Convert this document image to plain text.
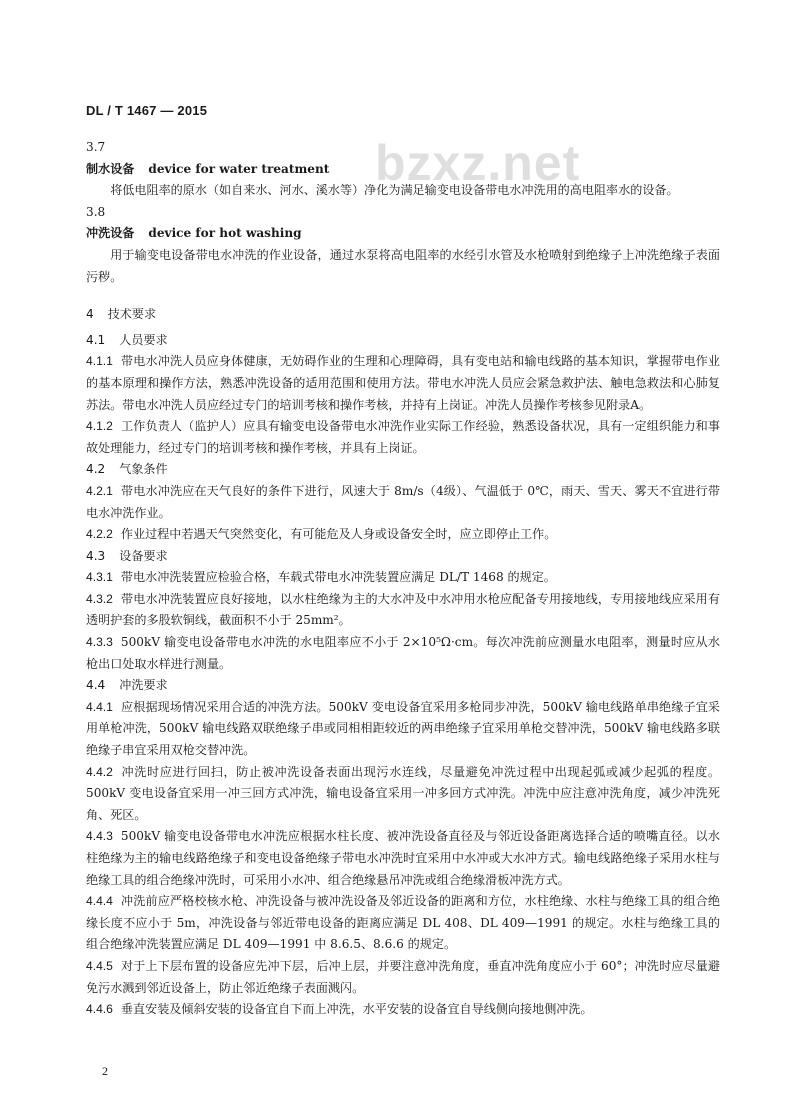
DL / T 1467 — 2015
bzxz.net

3.7

制水设备 device for water treatment

将低电阻率的原水（如自来水、河水、溪水等）净化为满足输变电设备带电水冲洗用的高电阻率水的设备。

3.8

冲洗设备 device for hot washing

用于输变电设备带电水冲洗的作业设备，通过水泵将高电阻率的水经引水管及水枪喷射到绝缘子上冲洗绝缘子表面污秽。

4 技术要求

4.1 人员要求

4.1.1 带电水冲洗人员应身体健康，无妨碍作业的生理和心理障碍，具有变电站和输电线路的基本知识，掌握带电作业的基本原理和操作方法，熟悉冲洗设备的适用范围和使用方法。带电水冲洗人员应会紧急救护法、触电急救法和心肺复苏法。带电水冲洗人员应经过专门的培训考核和操作考核，并持有上岗证。冲洗人员操作考核参见附录A。

4.1.2 工作负责人（监护人）应具有输变电设备带电水冲洗作业实际工作经验，熟悉设备状况，具有一定组织能力和事故处理能力，经过专门的培训考核和操作考核，并具有上岗证。

4.2 气象条件

4.2.1 带电水冲洗应在天气良好的条件下进行，风速大于 8m/s（4级）、气温低于 0℃，雨天、雪天、雾天不宜进行带电水冲洗作业。

4.2.2 作业过程中若遇天气突然变化，有可能危及人身或设备安全时，应立即停止工作。

4.3 设备要求

4.3.1 带电水冲洗装置应检验合格，车载式带电水冲洗装置应满足 DL/T 1468 的规定。

4.3.2 带电水冲洗装置应良好接地，以水柱绝缘为主的大水冲及中水冲用水枪应配备专用接地线，专用接地线应采用有透明护套的多股软铜线，截面积不小于 25mm²。

4.3.3 500kV 输变电设备带电水冲洗的水电阻率应不小于 2×10⁵Ω·cm。每次冲洗前应测量水电阻率，测量时应从水枪出口处取水样进行测量。

4.4 冲洗要求

4.4.1 应根据现场情况采用合适的冲洗方法。500kV 变电设备宜采用多枪同步冲洗，500kV 输电线路单串绝缘子宜采用单枪冲洗，500kV 输电线路双联绝缘子串或同相相距较近的两串绝缘子宜采用单枪交替冲洗，500kV 输电线路多联绝缘子串宜采用双枪交替冲洗。

4.4.2 冲洗时应进行回扫，防止被冲洗设备表面出现污水连线，尽量避免冲洗过程中出现起弧或减少起弧的程度。500kV 变电设备宜采用一冲三回方式冲洗，输电设备宜采用一冲多回方式冲洗。冲洗中应注意冲洗角度，减少冲洗死角、死区。

4.4.3 500kV 输变电设备带电水冲洗应根据水柱长度、被冲洗设备直径及与邻近设备距离选择合适的喷嘴直径。以水柱绝缘为主的输电线路绝缘子和变电设备绝缘子带电水冲洗时宜采用中水冲或大水冲方式。输电线路绝缘子采用水柱与绝缘工具的组合绝缘冲洗时，可采用小水冲、组合绝缘悬吊冲洗或组合绝缘滑板冲洗方式。

4.4.4 冲洗前应严格校核水枪、冲洗设备与被冲洗设备及邻近设备的距离和方位，水柱绝缘、水柱与绝缘工具的组合绝缘长度不应小于 5m，冲洗设备与邻近带电设备的距离应满足 DL 408、DL 409—1991 的规定。水柱与绝缘工具的组合绝缘冲洗装置应满足 DL 409—1991 中 8.6.5、8.6.6 的规定。

4.4.5 对于上下层布置的设备应先冲下层，后冲上层，并要注意冲洗角度，垂直冲洗角度应小于 60°；冲洗时应尽量避免污水溅到邻近设备上，防止邻近绝缘子表面溅闪。

4.4.6 垂直安装及倾斜安装的设备宜自下而上冲洗，水平安装的设备宜自导线侧向接地侧冲洗。

2
